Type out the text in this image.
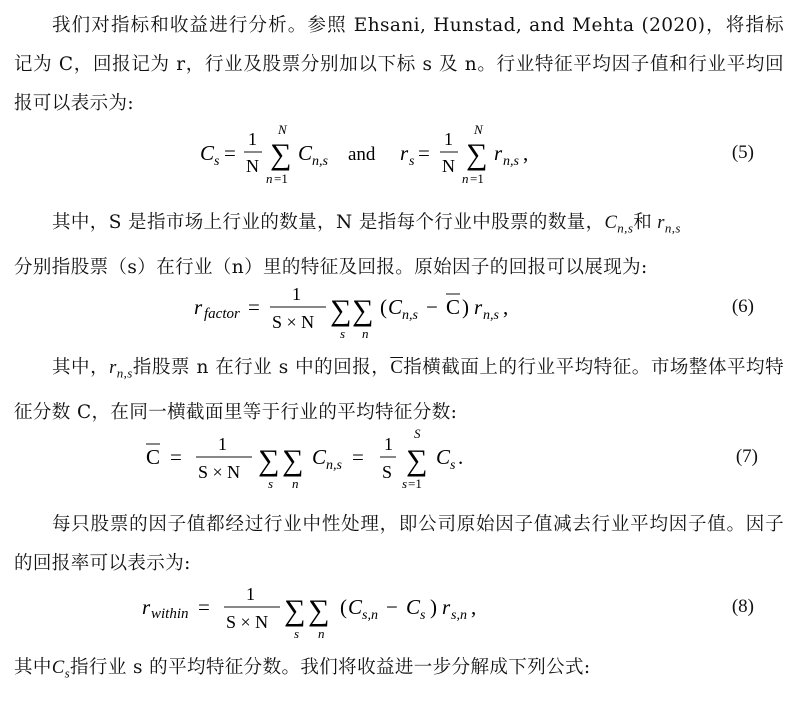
我们对指标和收益进行分析。参照 Ehsani, Hunstad, and Mehta (2020)，将指标记为 C，回报记为 r，行业及股票分别加以下标 s 及 n。行业特征平均因子值和行业平均回报可以表示为:

C s =
1
N
N
∑
n =1
C n,s and r s =
1
N
N
∑
n =1
r n,s ,	(5)

其中，S 是指市场上行业的数量，N 是指每个行业中股票的数量，$C_{n,s}$和 $r_{n,s}$
分别指股票（s）在行业（n）里的特征及回报。原始因子的回报可以展现为:

r factor =
1
S × N ∑
s
∑
n
( C n,s − C ) r n,s ,	(6)

其中，$r_{n,s}$指股票 n 在行业 s 中的回报，$\overline{C}$指横截面上的行业平均特征。市场整体平均特征分数 C，在同一横截面里等于行业的平均特征分数:

C =
1
S × N ∑
s
∑
n
C n,s =
1
S
S
∑
s =1
C s .	(7)

每只股票的因子值都经过行业中性处理，即公司原始因子值减去行业平均因子值。因子的回报率可以表示为:

r within =
1
S × N ∑
s
∑
n
( C s,n − C s ) r s,n ,	(8)

其中$C_s$指行业 s 的平均特征分数。我们将收益进一步分解成下列公式:
